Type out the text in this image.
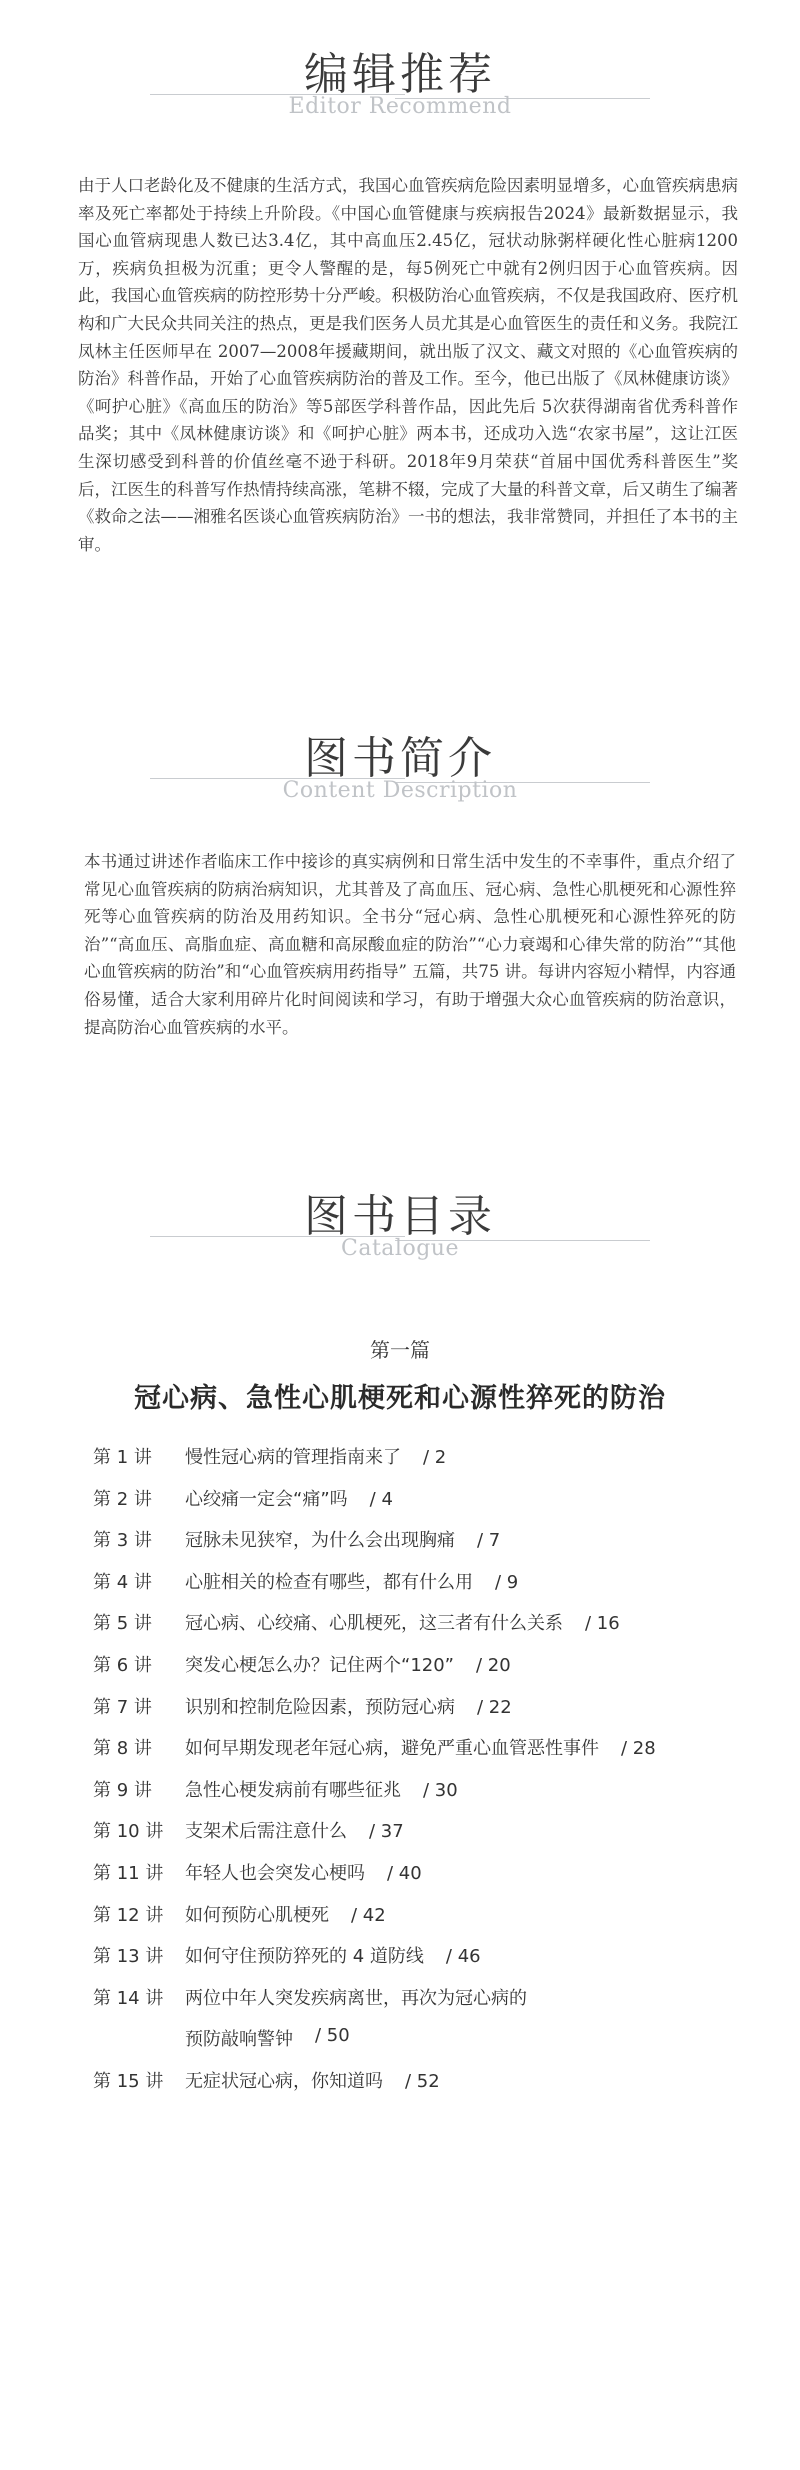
编辑推荐
Editor Recommend
由于人口老龄化及不健康的生活方式，我国心血管疾病危险因素明显增多，心血管疾病患病率及死亡率都处于持续上升阶段。《中国心血管健康与疾病报告2024》最新数据显示，我国心血管病现患人数已达3.4亿，其中高血压2.45亿，冠状动脉粥样硬化性心脏病1200万，疾病负担极为沉重；更令人警醒的是，每5例死亡中就有2例归因于心血管疾病。因此，我国心血管疾病的防控形势十分严峻。积极防治心血管疾病，不仅是我国政府、医疗机构和广大民众共同关注的热点，更是我们医务人员尤其是心血管医生的责任和义务。我院江凤林主任医师早在 2007—2008年援藏期间，就出版了汉文、藏文对照的《心血管疾病的防治》科普作品，开始了心血管疾病防治的普及工作。至今，他已出版了《凤林健康访谈》《呵护心脏》《高血压的防治》等5部医学科普作品，因此先后 5次获得湖南省优秀科普作品奖；其中《凤林健康访谈》和《呵护心脏》两本书，还成功入选“农家书屋”，这让江医生深切感受到科普的价值丝毫不逊于科研。2018年9月荣获“首届中国优秀科普医生”奖后，江医生的科普写作热情持续高涨，笔耕不辍，完成了大量的科普文章，后又萌生了编著《救命之法——湘雅名医谈心血管疾病防治》一书的想法，我非常赞同，并担任了本书的主审。
图书简介
Content Description
本书通过讲述作者临床工作中接诊的真实病例和日常生活中发生的不幸事件，重点介绍了常见心血管疾病的防病治病知识，尤其普及了高血压、冠心病、急性心肌梗死和心源性猝死等心血管疾病的防治及用药知识。全书分“冠心病、急性心肌梗死和心源性猝死的防治”“高血压、高脂血症、高血糖和高尿酸血症的防治”“心力衰竭和心律失常的防治”“其他心血管疾病的防治”和“心血管疾病用药指导” 五篇，共75 讲。每讲内容短小精悍，内容通俗易懂，适合大家利用碎片化时间阅读和学习，有助于增强大众心血管疾病的防治意识，提高防治心血管疾病的水平。
图书目录
Catalogue
第一篇
冠心病、急性心肌梗死和心源性猝死的防治
第 1 讲	慢性冠心病的管理指南来了 / 2
第 2 讲	心绞痛一定会“痛”吗 / 4
第 3 讲	冠脉未见狭窄，为什么会出现胸痛 / 7
第 4 讲	心脏相关的检查有哪些，都有什么用 / 9
第 5 讲	冠心病、心绞痛、心肌梗死，这三者有什么关系 / 16
第 6 讲	突发心梗怎么办？记住两个“120” / 20
第 7 讲	识别和控制危险因素，预防冠心病 / 22
第 8 讲	如何早期发现老年冠心病，避免严重心血管恶性事件 / 28
第 9 讲	急性心梗发病前有哪些征兆 / 30
第 10 讲	支架术后需注意什么 / 37
第 11 讲	年轻人也会突发心梗吗 / 40
第 12 讲	如何预防心肌梗死 / 42
第 13 讲	如何守住预防猝死的 4 道防线 / 46
第 14 讲	两位中年人突发疾病离世，再次为冠心病的
预防敲响警钟 / 50
第 15 讲	无症状冠心病，你知道吗 / 52
